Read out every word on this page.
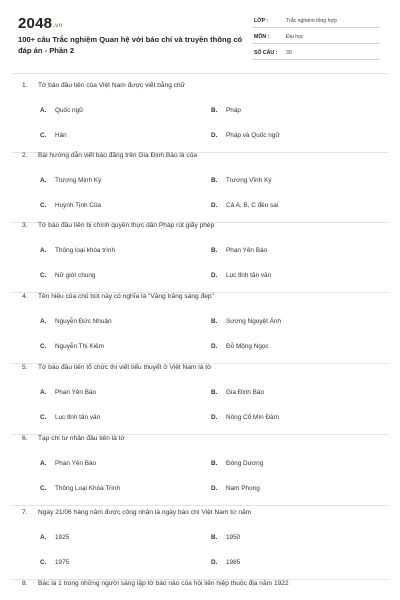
2048.vn
100+ câu Trắc nghiệm Quan hệ với báo chí và truyền thông có đáp án - Phần 2
LỚP :	Trắc nghiệm tổng hợp
MÔN :	Đại học
SỐ CÂU : 30
1. Tờ báo đầu tiên của Việt Nam được viết bằng chữ
A. Quốc ngữ	B. Pháp
C. Hán	D. Pháp và Quốc ngữ
2. Bài hướng dẫn viết báo đăng trên Gia Định Báo là của
A. Trương Minh Ký	B. Trương Vĩnh Ký
C. Huỳnh Tịnh Của	D. Cả A, B, C đều sai
3. Tờ báo đầu tiên bị chính quyền thực dân Pháp rút giấy phép
A. Thông loại khóa trình	B. Phan Yên Báo
C. Nữ giới chung	D. Lục tỉnh tân văn
4. Tên hiệu của chủ bút này có nghĩa là "Vầng trăng sáng đẹp"
A. Nguyễn Đức Nhuận	B. Sương Nguyệt Ánh
C. Nguyễn Thị Kiêm	D. Đỗ Mộng Ngọc
5. Tờ báo đầu tiên tổ chức thi viết tiểu thuyết ở Việt Nam là tờ
A. Phan Yên Báo	B. Gia Định Báo
C. Lục tỉnh tân văn	D. Nông Cổ Mín Đàm
6. Tạp chí tư nhân đầu tiên là tờ
A. Phan Yên Báo	B. Đông Dương
C. Thông Loại Khóa Trình	D. Nam Phong
7. Ngày 21/06 hàng năm được công nhận là ngày báo chí Việt Nam từ năm
A. 1925	B. 1950
C. 1975	D. 1985
8. Bác là 1 trong những người sáng lập tờ báo nào của hội liên hiệp thuộc địa năm 1922
